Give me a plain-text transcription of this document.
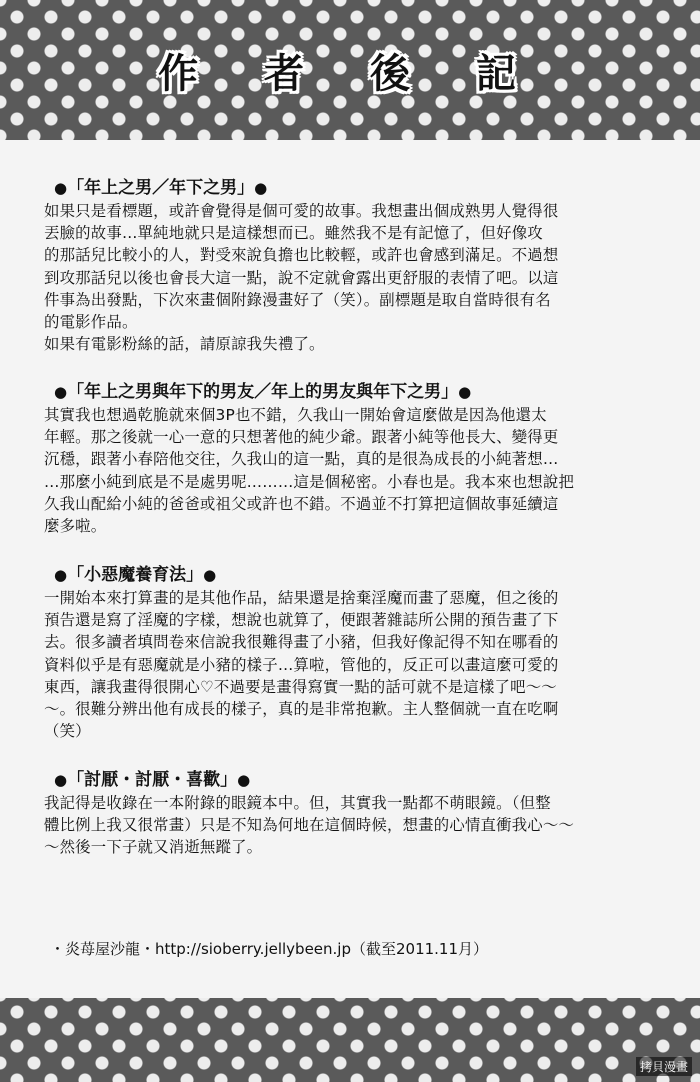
作 者 後 記
●「年上之男／年下之男」●

如果只是看標題，或許會覺得是個可愛的故事。我想畫出個成熟男人覺得很
丟臉的故事…單純地就只是這樣想而已。雖然我不是有記憶了，但好像攻
的那話兒比較小的人，對受來說負擔也比較輕，或許也會感到滿足。不過想
到攻那話兒以後也會長大這一點，說不定就會露出更舒服的表情了吧。以這
件事為出發點，下次來畫個附錄漫畫好了（笑）。副標題是取自當時很有名
的電影作品。
如果有電影粉絲的話，請原諒我失禮了。

●「年上之男與年下的男友／年上的男友與年下之男」●

其實我也想過乾脆就來個3P也不錯，久我山一開始會這麼做是因為他還太
年輕。那之後就一心一意的只想著他的純少爺。跟著小純等他長大、變得更
沉穩，跟著小春陪他交往，久我山的這一點，真的是很為成長的小純著想…
…那麼小純到底是不是處男呢………這是個秘密。小春也是。我本來也想說把
久我山配給小純的爸爸或祖父或許也不錯。不過並不打算把這個故事延續這
麼多啦。

●「小惡魔養育法」●

一開始本來打算畫的是其他作品，結果還是捨棄淫魔而畫了惡魔，但之後的
預告還是寫了淫魔的字樣，想說也就算了，便跟著雜誌所公開的預告畫了下
去。很多讀者填問卷來信說我很難得畫了小豬，但我好像記得不知在哪看的
資料似乎是有惡魔就是小豬的樣子…算啦，管他的，反正可以畫這麼可愛的
東西，讓我畫得很開心♡不過要是畫得寫實一點的話可就不是這樣了吧～～
～。很難分辨出他有成長的樣子，真的是非常抱歉。主人整個就一直在吃啊
（笑）

●「討厭・討厭・喜歡」●

我記得是收錄在一本附錄的眼鏡本中。但，其實我一點都不萌眼鏡。（但整
體比例上我又很常畫）只是不知為何地在這個時候，想畫的心情直衝我心～～
～然後一下子就又消逝無蹤了。

・炎苺屋沙龍・http://sioberry.jellybeen.jp（截至2011.11月）
拷貝漫畫
